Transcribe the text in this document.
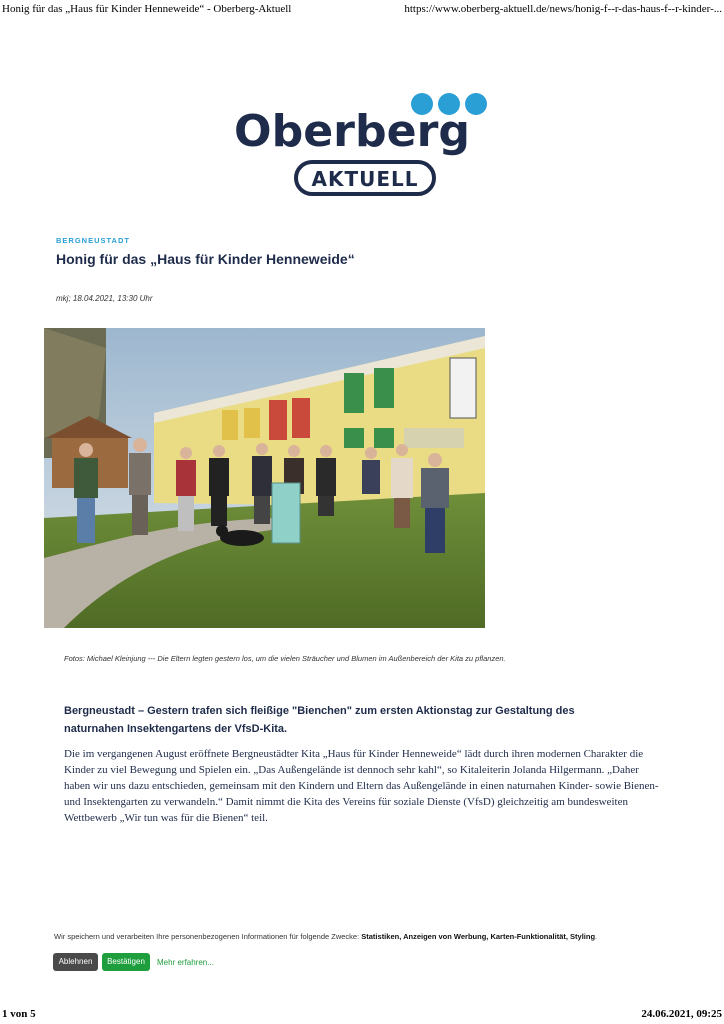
Honig für das „Haus für Kinder Henneweide“ - Oberberg-Aktuell	https://www.oberberg-aktuell.de/news/honig-f--r-das-haus-f--r-kinder-...
Oberberg
AKTUELL
BERGNEUSTADT
Honig für das „Haus für Kinder Henneweide“
mkj; 18.04.2021, 13:30 Uhr
Fotos: Michael Kleinjung --- Die Eltern legten gestern los, um die vielen Sträucher und Blumen im Außenbereich der Kita zu pflanzen.
Bergneustadt – Gestern trafen sich fleißige "Bienchen" zum ersten Aktionstag zur Gestaltung des naturnahen Insektengartens der VfsD-Kita.

Die im vergangenen August eröffnete Bergneustädter Kita „Haus für Kinder Henneweide“ lädt durch ihren modernen Charakter die Kinder zu viel Bewegung und Spielen ein. „Das Außengelände ist dennoch sehr kahl“, so Kitaleiterin Jolanda Hilgermann. „Daher haben wir uns dazu entschieden, gemeinsam mit den Kindern und Eltern das Außengelände in einen naturnahen Kinder- sowie Bienen- und Insektengarten zu verwandeln.“ Damit nimmt die Kita des Vereins für soziale Dienste (VfsD) gleichzeitig am bundesweiten Wettbewerb „Wir tun was für die Bienen“ teil.

Wir speichern und verarbeiten Ihre personenbezogenen Informationen für folgende Zwecke: Statistiken, Anzeigen von Werbung, Karten-Funktionalität, Styling.
Ablehnen	Bestätigen	Mehr erfahren...
1 von 5	24.06.2021, 09:25
